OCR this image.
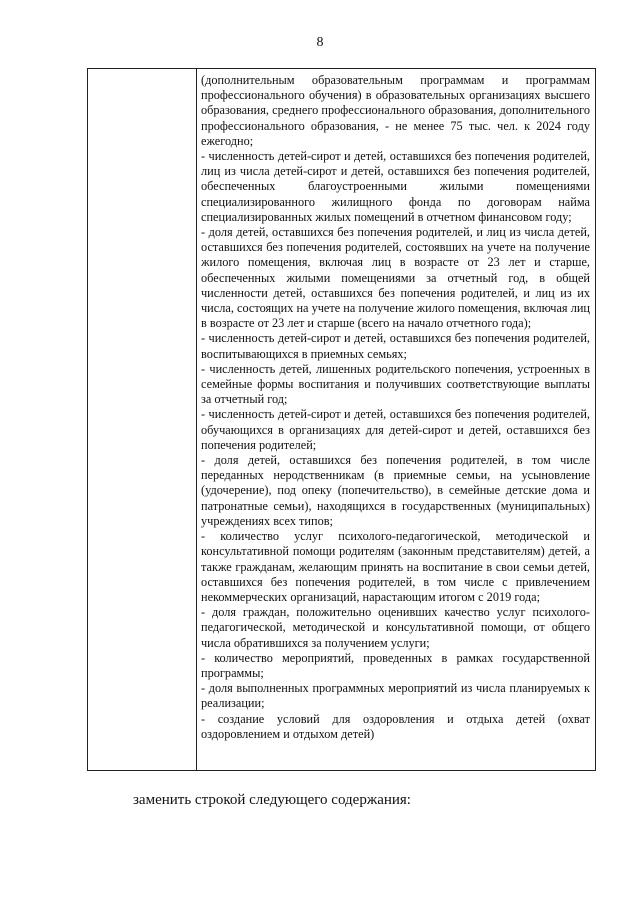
8

(дополнительным образовательным программам и программам профессионального обучения) в образовательных организациях высшего образования, среднего профессионального образования, дополнительного профессионального образования, - не менее 75 тыс. чел. к 2024 году ежегодно;

- численность детей-сирот и детей, оставшихся без попечения родителей, лиц из числа детей-сирот и детей, оставшихся без попечения родителей, обеспеченных благоустроенными жилыми помещениями специализированного жилищного фонда по договорам найма специализированных жилых помещений в отчетном финансовом году;

- доля детей, оставшихся без попечения родителей, и лиц из числа детей, оставшихся без попечения родителей, состоявших на учете на получение жилого помещения, включая лиц в возрасте от 23 лет и старше, обеспеченных жилыми помещениями за отчетный год, в общей численности детей, оставшихся без попечения родителей, и лиц из их числа, состоящих на учете на получение жилого помещения, включая лиц в возрасте от 23 лет и старше (всего на начало отчетного года);

- численность детей-сирот и детей, оставшихся без попечения родителей, воспитывающихся в приемных семьях;

- численность детей, лишенных родительского попечения, устроенных в семейные формы воспитания и получивших соответствующие выплаты за отчетный год;

- численность детей-сирот и детей, оставшихся без попечения родителей, обучающихся в организациях для детей-сирот и детей, оставшихся без попечения родителей;

- доля детей, оставшихся без попечения родителей, в том числе переданных неродственникам (в приемные семьи, на усыновление (удочерение), под опеку (попечительство), в семейные детские дома и патронатные семьи), находящихся в государственных (муниципальных) учреждениях всех типов;

- количество услуг психолого-педагогической, методической и консультативной помощи родителям (законным представителям) детей, а также гражданам, желающим принять на воспитание в свои семьи детей, оставшихся без попечения родителей, в том числе с привлечением некоммерческих организаций, нарастающим итогом с 2019 года;

- доля граждан, положительно оценивших качество услуг психолого-педагогической, методической и консультативной помощи, от общего числа обратившихся за получением услуги;

- количество мероприятий, проведенных в рамках государственной программы;

- доля выполненных программных мероприятий из числа планируемых к реализации;

- создание условий для оздоровления и отдыха детей (охват оздоровлением и отдыхом детей)

заменить строкой следующего содержания:
